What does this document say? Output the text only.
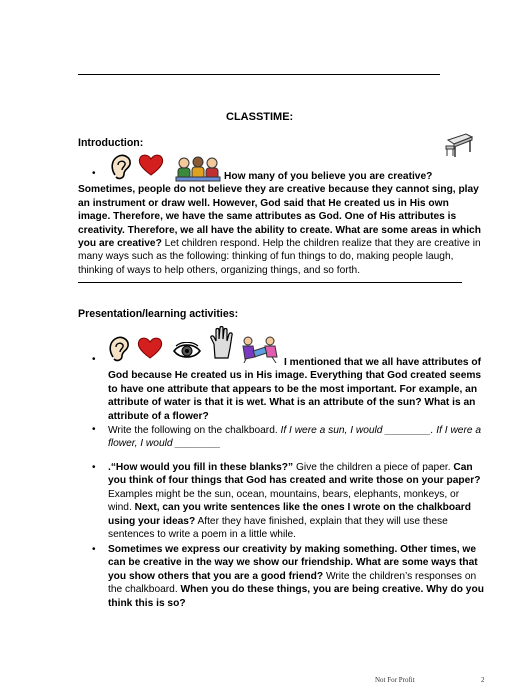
CLASSTIME:
Introduction:
•	How many of you believe you are creative? Sometimes, people do not believe they are creative because they cannot sing, play an instrument or draw well. However, God said that He created us in His own image. Therefore, we have the same attributes as God. One of His attributes is creativity. Therefore, we all have the ability to create. What are some areas in which you are creative? Let children respond. Help the children realize that they are creative in many ways such as the following: thinking of fun things to do, making people laugh, thinking of ways to help others, organizing things, and so forth.
Presentation/learning activities:
•	I mentioned that we all have attributes of God because He created us in His image. Everything that God created seems to have one attribute that appears to be the most important. For example, an attribute of water is that it is wet. What is an attribute of the sun? What is an attribute of a flower?
• Write the following on the chalkboard. If I were a sun, I would ________. If I were a flower, I would ________
• .“How would you fill in these blanks?” Give the children a piece of paper. Can you think of four things that God has created and write those on your paper? Examples might be the sun, ocean, mountains, bears, elephants, monkeys, or wind. Next, can you write sentences like the ones I wrote on the chalkboard using your ideas? After they have finished, explain that they will use these sentences to write a poem in a little while.
• Sometimes we express our creativity by making something. Other times, we can be creative in the way we show our friendship. What are some ways that you show others that you are a good friend? Write the children’s responses on the chalkboard. When you do these things, you are being creative. Why do you think this is so?
Not For Profit	2
